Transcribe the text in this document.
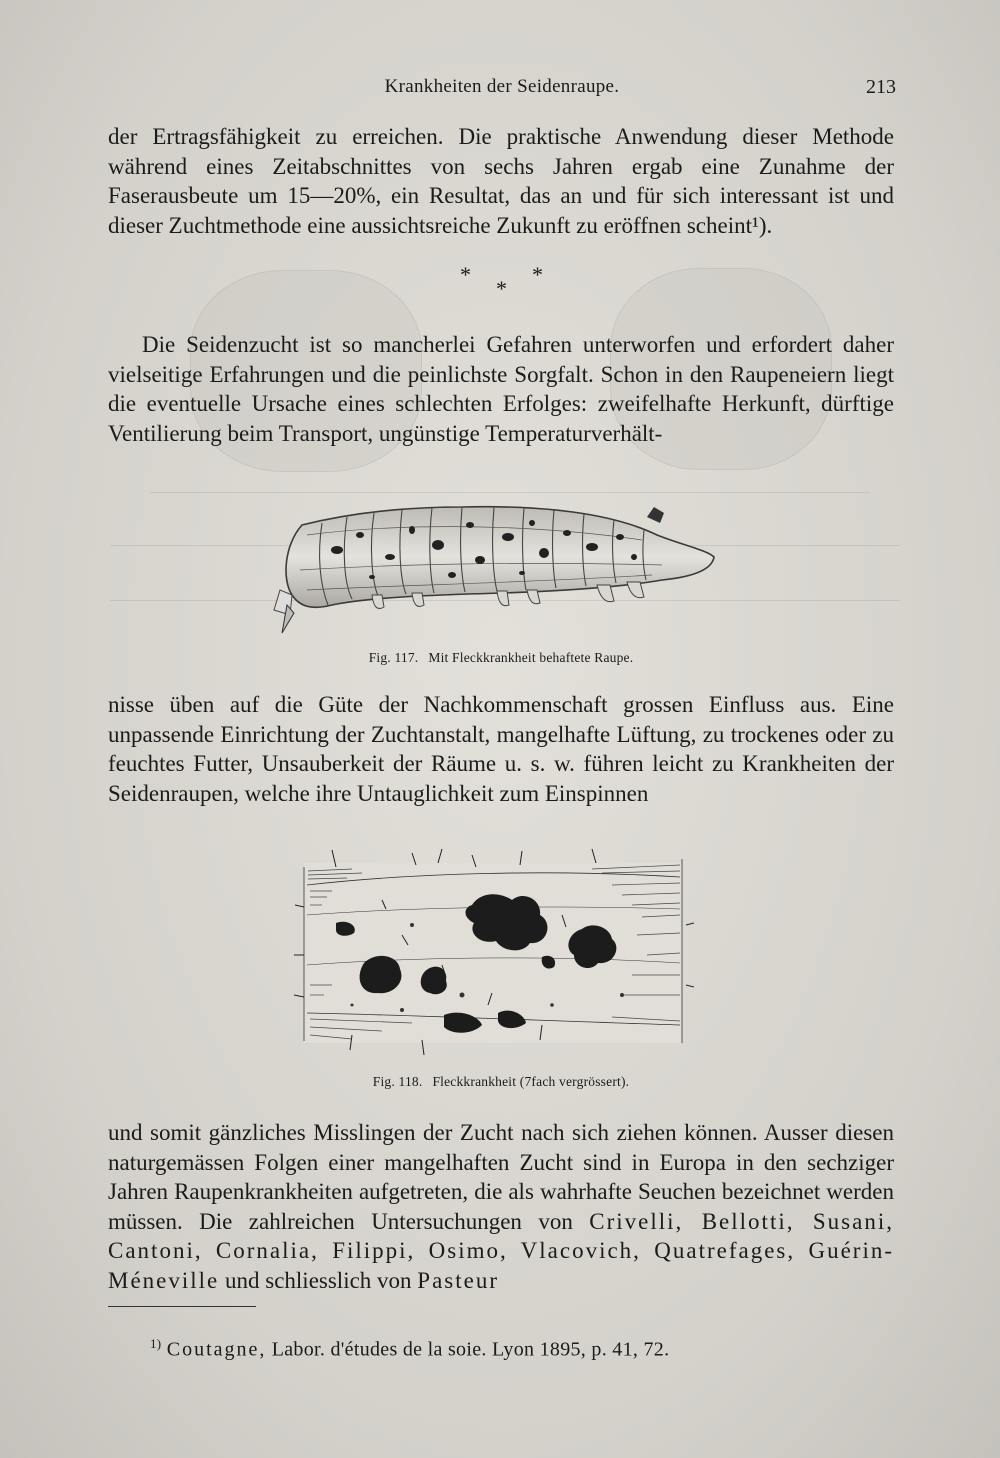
Krankheiten der Seidenraupe.	213

der Ertragsfähigkeit zu erreichen. Die praktische Anwendung dieser Methode während eines Zeitabschnittes von sechs Jahren ergab eine Zunahme der Faserausbeute um 15—20%, ein Resultat, das an und für sich interessant ist und dieser Zuchtmethode eine aussichtsreiche Zukunft zu eröffnen scheint¹).

*	*
*

Die Seidenzucht ist so mancherlei Gefahren unterworfen und erfordert daher vielseitige Erfahrungen und die peinlichste Sorgfalt. Schon in den Raupeneiern liegt die eventuelle Ursache eines schlechten Erfolges: zweifelhafte Herkunft, dürftige Ventilierung beim Transport, ungünstige Temperaturverhält-

Fig. 117. Mit Fleckkrankheit behaftete Raupe.

nisse üben auf die Güte der Nachkommenschaft grossen Einfluss aus. Eine unpassende Einrichtung der Zuchtanstalt, mangelhafte Lüftung, zu trockenes oder zu feuchtes Futter, Unsauberkeit der Räume u. s. w. führen leicht zu Krankheiten der Seidenraupen, welche ihre Untauglichkeit zum Einspinnen

Fig. 118. Fleckkrankheit (7fach vergrössert).

und somit gänzliches Misslingen der Zucht nach sich ziehen können. Ausser diesen naturgemässen Folgen einer mangelhaften Zucht sind in Europa in den sechziger Jahren Raupenkrankheiten aufgetreten, die als wahrhafte Seuchen bezeichnet werden müssen. Die zahlreichen Untersuchungen von Crivelli, Bellotti, Susani, Cantoni, Cornalia, Filippi, Osimo, Vlacovich, Quatrefages, Guérin-Méneville und schliesslich von Pasteur

$^{1)}$ Coutagne, Labor. d'études de la soie. Lyon 1895, p. 41, 72.
